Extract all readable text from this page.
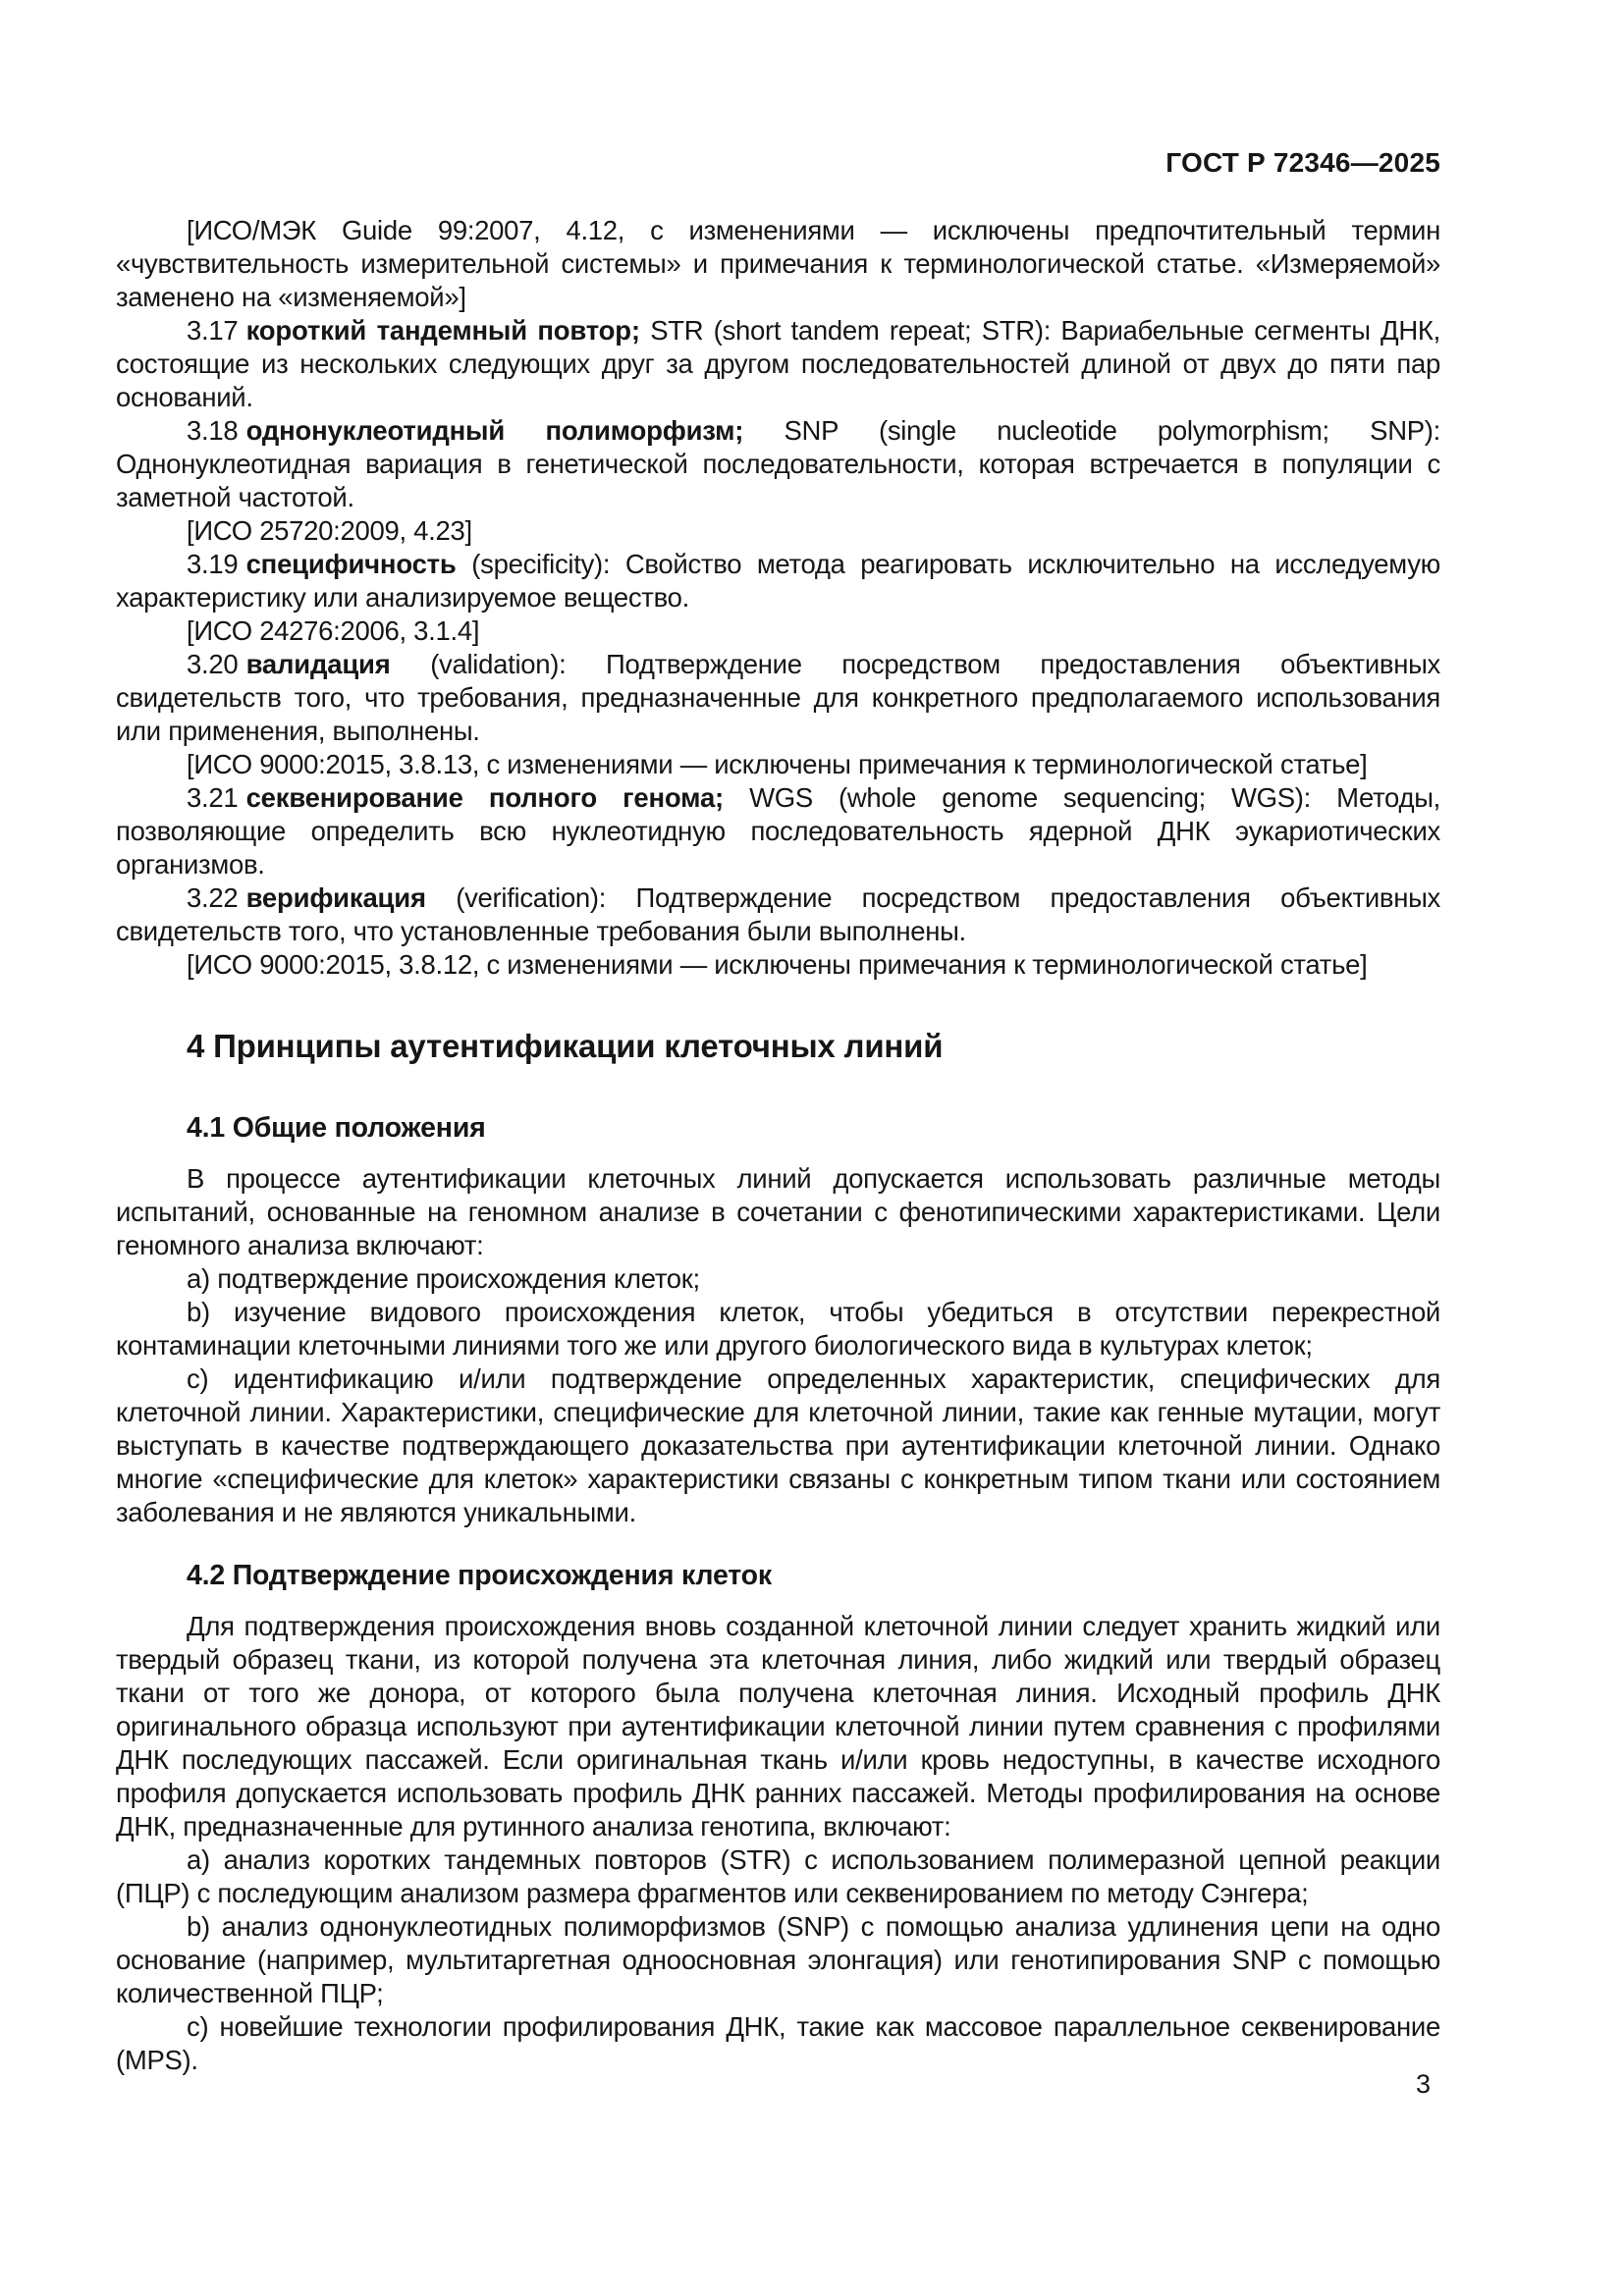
ГОСТ Р 72346—2025

[ИСО/МЭК Guide 99:2007, 4.12, с изменениями — исключены предпочтительный термин «чувствительность измерительной системы» и примечания к терминологической статье. «Измеряемой» заменено на «изменяемой»]

3.17 короткий тандемный повтор; STR (short tandem repeat; STR): Вариабельные сегменты ДНК, состоящие из нескольких следующих друг за другом последовательностей длиной от двух до пяти пар оснований.

3.18 однонуклеотидный полиморфизм; SNP (single nucleotide polymorphism; SNP): Однонуклеотидная вариация в генетической последовательности, которая встречается в популяции с заметной частотой.

[ИСО 25720:2009, 4.23]

3.19 специфичность (specificity): Свойство метода реагировать исключительно на исследуемую характеристику или анализируемое вещество.

[ИСО 24276:2006, 3.1.4]

3.20 валидация (validation): Подтверждение посредством предоставления объективных свидетельств того, что требования, предназначенные для конкретного предполагаемого использования или применения, выполнены.

[ИСО 9000:2015, 3.8.13, с изменениями — исключены примечания к терминологической статье]

3.21 секвенирование полного генома; WGS (whole genome sequencing; WGS): Методы, позволяющие определить всю нуклеотидную последовательность ядерной ДНК эукариотических организмов.

3.22 верификация (verification): Подтверждение посредством предоставления объективных свидетельств того, что установленные требования были выполнены.

[ИСО 9000:2015, 3.8.12, с изменениями — исключены примечания к терминологической статье]

4 Принципы аутентификации клеточных линий
4.1 Общие положения

В процессе аутентификации клеточных линий допускается использовать различные методы испытаний, основанные на геномном анализе в сочетании с фенотипическими характеристиками. Цели геномного анализа включают:

a) подтверждение происхождения клеток;

b) изучение видового происхождения клеток, чтобы убедиться в отсутствии перекрестной контаминации клеточными линиями того же или другого биологического вида в культурах клеток;

c) идентификацию и/или подтверждение определенных характеристик, специфических для клеточной линии. Характеристики, специфические для клеточной линии, такие как генные мутации, могут выступать в качестве подтверждающего доказательства при аутентификации клеточной линии. Однако многие «специфические для клеток» характеристики связаны с конкретным типом ткани или состоянием заболевания и не являются уникальными.

4.2 Подтверждение происхождения клеток

Для подтверждения происхождения вновь созданной клеточной линии следует хранить жидкий или твердый образец ткани, из которой получена эта клеточная линия, либо жидкий или твердый образец ткани от того же донора, от которого была получена клеточная линия. Исходный профиль ДНК оригинального образца используют при аутентификации клеточной линии путем сравнения с профилями ДНК последующих пассажей. Если оригинальная ткань и/или кровь недоступны, в качестве исходного профиля допускается использовать профиль ДНК ранних пассажей. Методы профилирования на основе ДНК, предназначенные для рутинного анализа генотипа, включают:

a) анализ коротких тандемных повторов (STR) с использованием полимеразной цепной реакции (ПЦР) с последующим анализом размера фрагментов или секвенированием по методу Сэнгера;

b) анализ однонуклеотидных полиморфизмов (SNP) с помощью анализа удлинения цепи на одно основание (например, мультитаргетная одноосновная элонгация) или генотипирования SNP с помощью количественной ПЦР;

c) новейшие технологии профилирования ДНК, такие как массовое параллельное секвенирование (MPS).

3
